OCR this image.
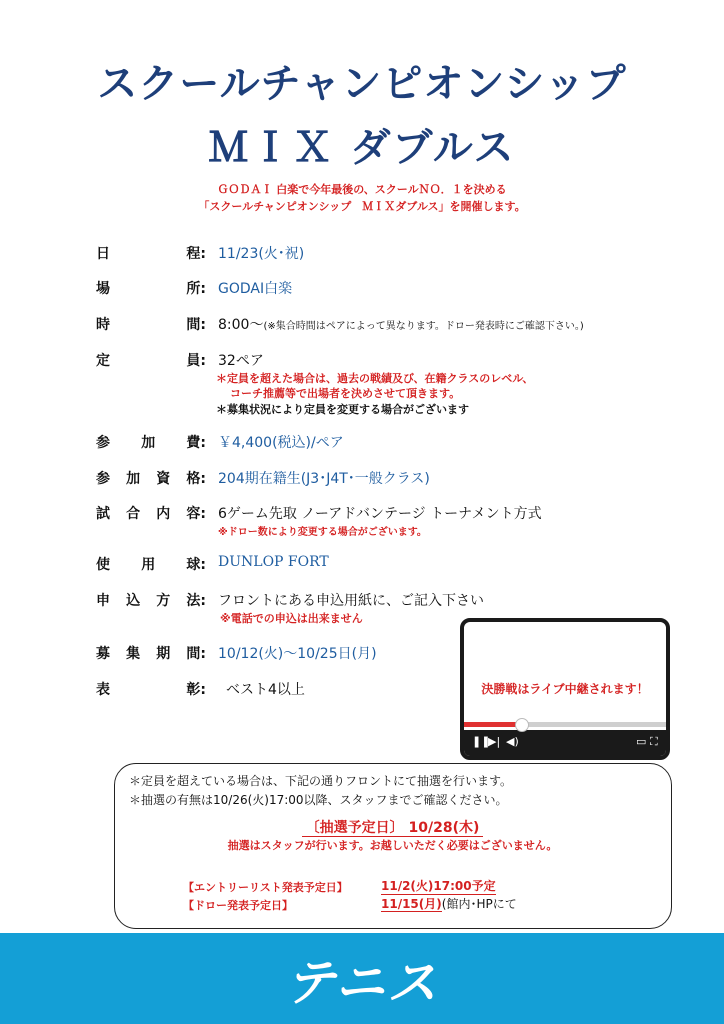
スクールチャンピオンシップ
ＭＩＸ ダブルス
ＧＯＤＡＩ 白楽で今年最後の、スクールＮＯ．１を決める
「スクールチャンピオンシップ　ＭＩＸダブルス」を開催します。
日	程: 11/23(火･祝)
場	所: GODAI白楽
時	間: 8:00～(※集合時間はペアによって異なります。ドロー発表時にご確認下さい。)
定	員: 32ペア
＊定員を超えた場合は、過去の戦績及び、在籍クラスのレベル、
コーチ推薦等で出場者を決めさせて頂きます。
＊募集状況により定員を変更する場合がございます
参 加 費: ￥4,400(税込)/ペア
参 加 資 格: 204期在籍生(J3･J4T･一般クラス)
試 合 内 容: 6ゲーム先取 ノーアドバンテージ トーナメント方式
※ドロー数により変更する場合がございます。
使 用 球: DUNLOP FORT
申 込 方 法: フロントにある申込用紙に、ご記入下さい
※電話での申込は出来ません
募 集 期 間: 10/12(火)～10/25日(月)
表	彰: ベスト4以上	決勝戦はライブ中継されます！
❚❚
▶| ◀)	▭ ⛶
＊定員を超えている場合は、下記の通りフロントにて抽選を行います。
＊抽選の有無は10/26(火)17:00以降、スタッフまでご確認ください。
〔抽選予定日〕 10/28(木)
抽選はスタッフが行います。お越しいただく必要はございません。
【エントリーリスト発表予定日】	11/2(火)17:00予定
【ドロー発表予定日】	11/15(月)(館内･HPにて
テニス
